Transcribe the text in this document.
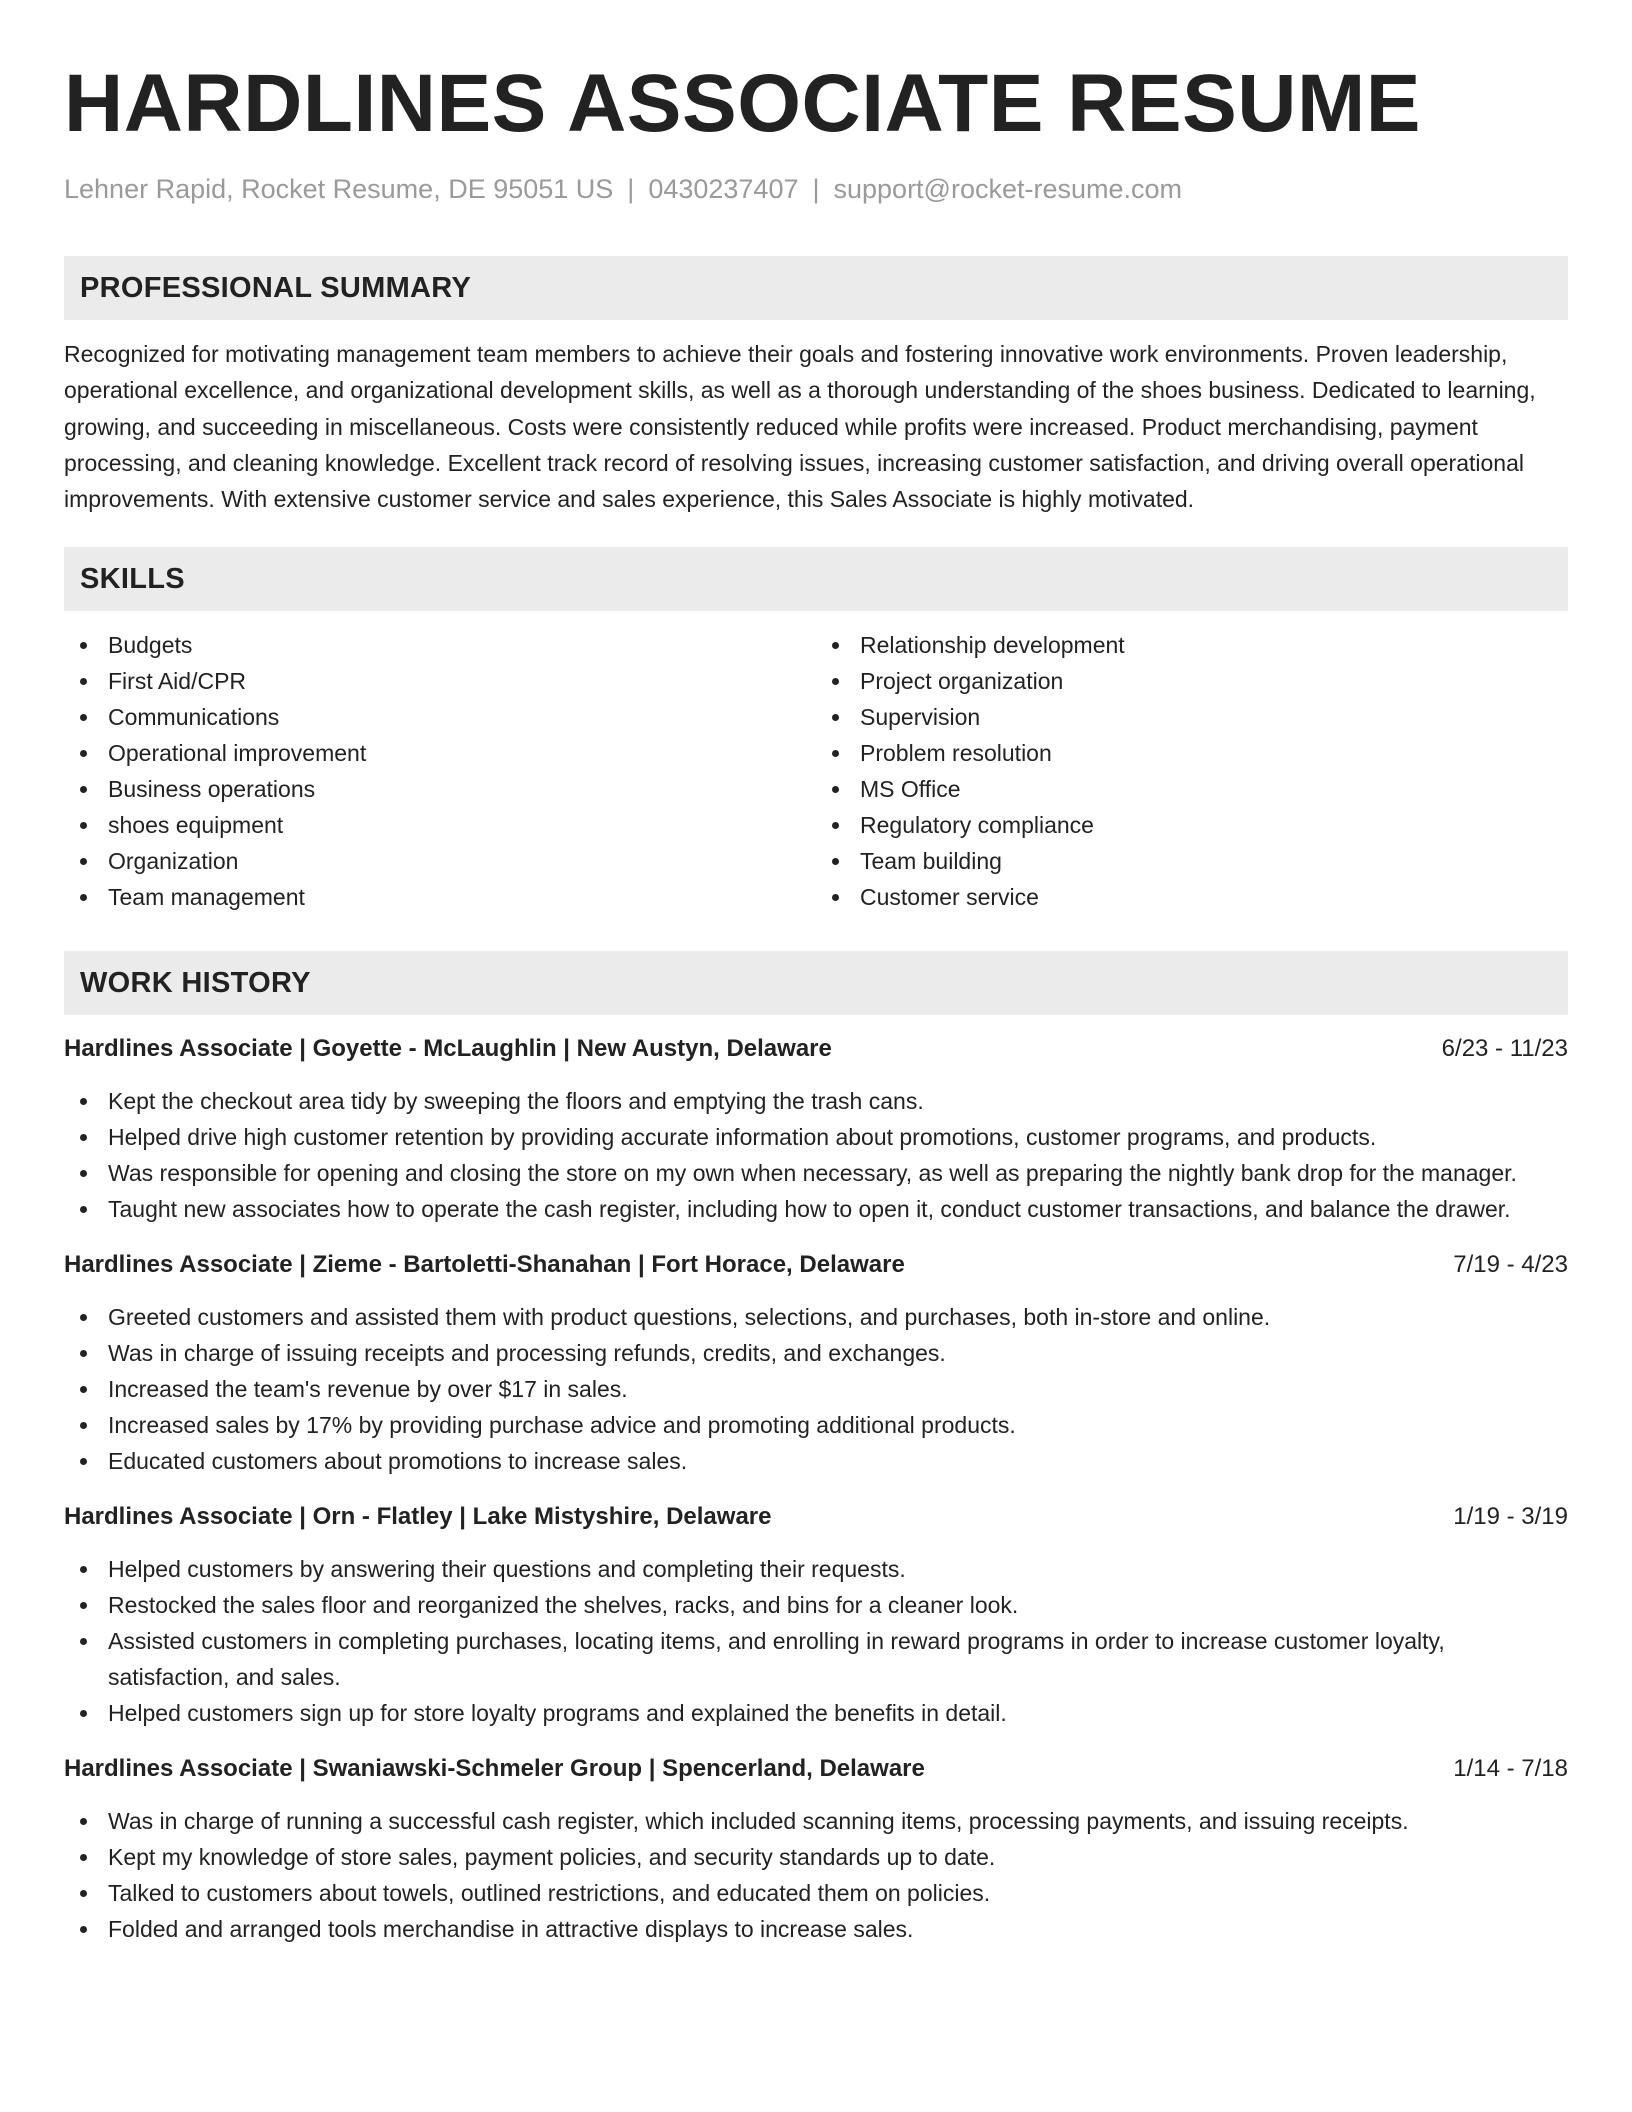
HARDLINES ASSOCIATE RESUME
Lehner Rapid, Rocket Resume, DE 95051 US | 0430237407 | support@rocket-resume.com
PROFESSIONAL SUMMARY

Recognized for motivating management team members to achieve their goals and fostering innovative work environments. Proven leadership, operational excellence, and organizational development skills, as well as a thorough understanding of the shoes business. Dedicated to learning, growing, and succeeding in miscellaneous. Costs were consistently reduced while profits were increased. Product merchandising, payment processing, and cleaning knowledge. Excellent track record of resolving issues, increasing customer satisfaction, and driving overall operational improvements. With extensive customer service and sales experience, this Sales Associate is highly motivated.

SKILLS
Budgets
First Aid/CPR
Communications
Operational improvement
Business operations
shoes equipment
Organization
Team management
Relationship development
Project organization
Supervision
Problem resolution
MS Office
Regulatory compliance
Team building
Customer service
WORK HISTORY
Hardlines Associate | Goyette - McLaughlin | New Austyn, Delaware	6/23 - 11/23
Kept the checkout area tidy by sweeping the floors and emptying the trash cans.
Helped drive high customer retention by providing accurate information about promotions, customer programs, and products.
Was responsible for opening and closing the store on my own when necessary, as well as preparing the nightly bank drop for the manager.
Taught new associates how to operate the cash register, including how to open it, conduct customer transactions, and balance the drawer.
Hardlines Associate | Zieme - Bartoletti-Shanahan | Fort Horace, Delaware	7/19 - 4/23
Greeted customers and assisted them with product questions, selections, and purchases, both in-store and online.
Was in charge of issuing receipts and processing refunds, credits, and exchanges.
Increased the team's revenue by over $17 in sales.
Increased sales by 17% by providing purchase advice and promoting additional products.
Educated customers about promotions to increase sales.
Hardlines Associate | Orn - Flatley | Lake Mistyshire, Delaware	1/19 - 3/19
Helped customers by answering their questions and completing their requests.
Restocked the sales floor and reorganized the shelves, racks, and bins for a cleaner look.
Assisted customers in completing purchases, locating items, and enrolling in reward programs in order to increase customer loyalty, satisfaction, and sales.
Helped customers sign up for store loyalty programs and explained the benefits in detail.
Hardlines Associate | Swaniawski-Schmeler Group | Spencerland, Delaware	1/14 - 7/18
Was in charge of running a successful cash register, which included scanning items, processing payments, and issuing receipts.
Kept my knowledge of store sales, payment policies, and security standards up to date.
Talked to customers about towels, outlined restrictions, and educated them on policies.
Folded and arranged tools merchandise in attractive displays to increase sales.
